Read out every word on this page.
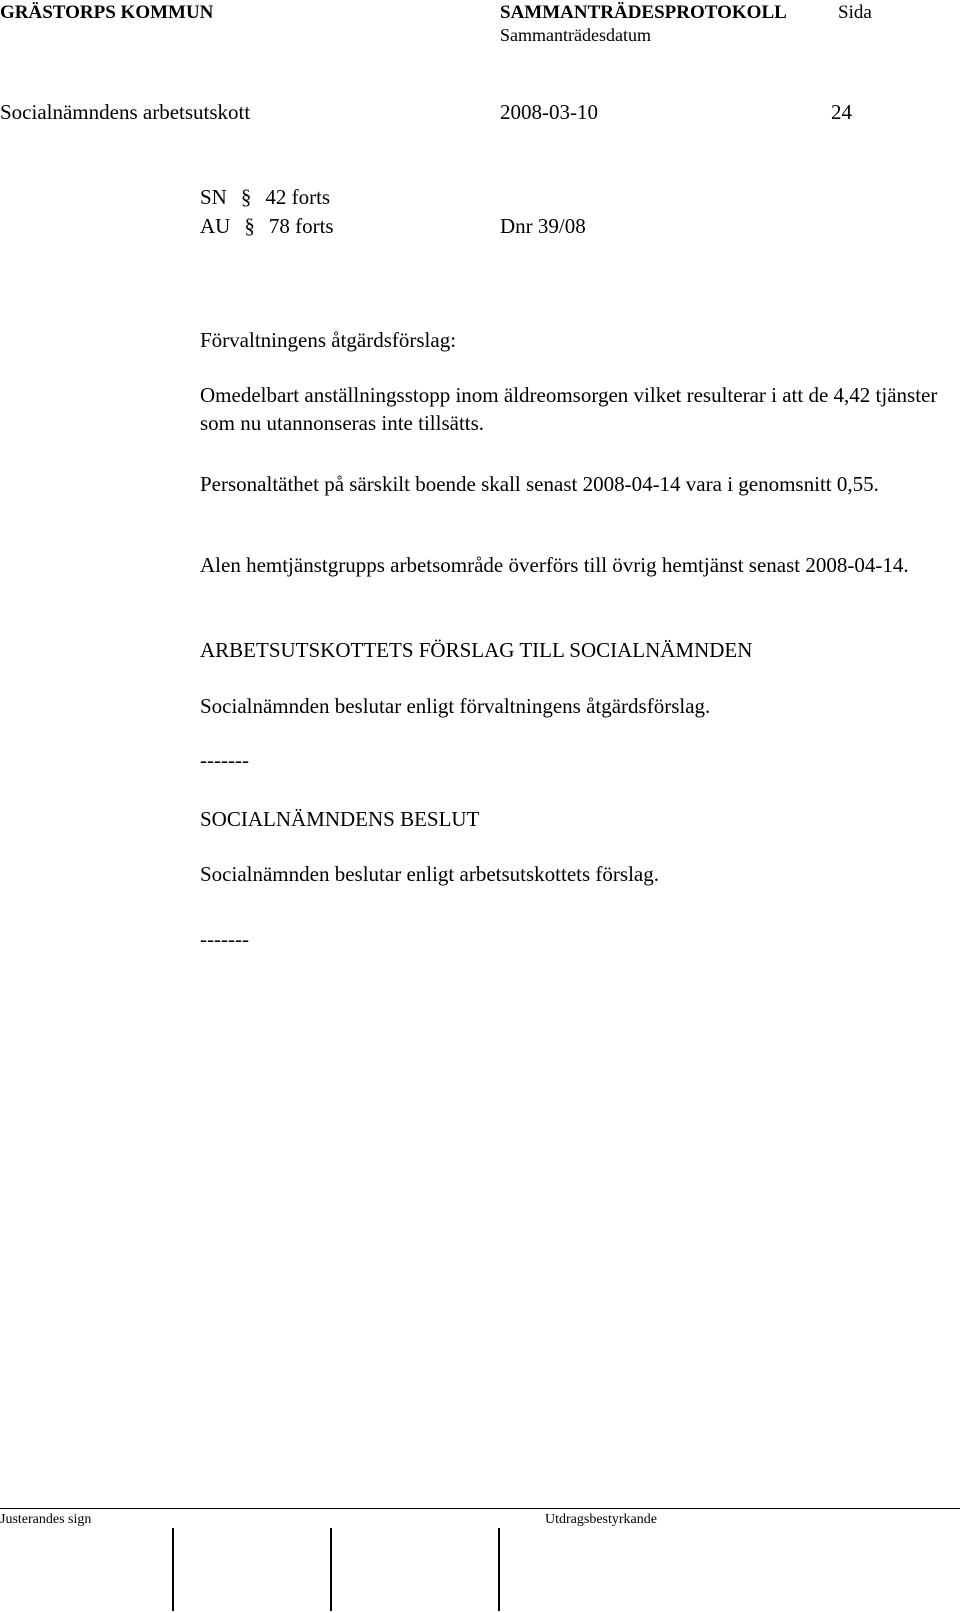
GRÄSTORPS KOMMUN	SAMMANTRÄDESPROTOKOLL	Sida
Sammanträdesdatum
Socialnämndens arbetsutskott	2008-03-10	24
SN § 42 forts
AU § 78 forts	Dnr 39/08
Förvaltningens åtgärdsförslag:
Omedelbart anställningsstopp inom äldreomsorgen vilket resulterar i att de 4,42 tjänster som nu utannonseras inte tillsätts.
Personaltäthet på särskilt boende skall senast 2008-04-14 vara i genomsnitt 0,55.
Alen hemtjänstgrupps arbetsområde överförs till övrig hemtjänst senast 2008-04-14.
ARBETSUTSKOTTETS FÖRSLAG TILL SOCIALNÄMNDEN
Socialnämnden beslutar enligt förvaltningens åtgärdsförslag.
-------
SOCIALNÄMNDENS BESLUT
Socialnämnden beslutar enligt arbetsutskottets förslag.
-------
Justerandes sign	Utdragsbestyrkande
